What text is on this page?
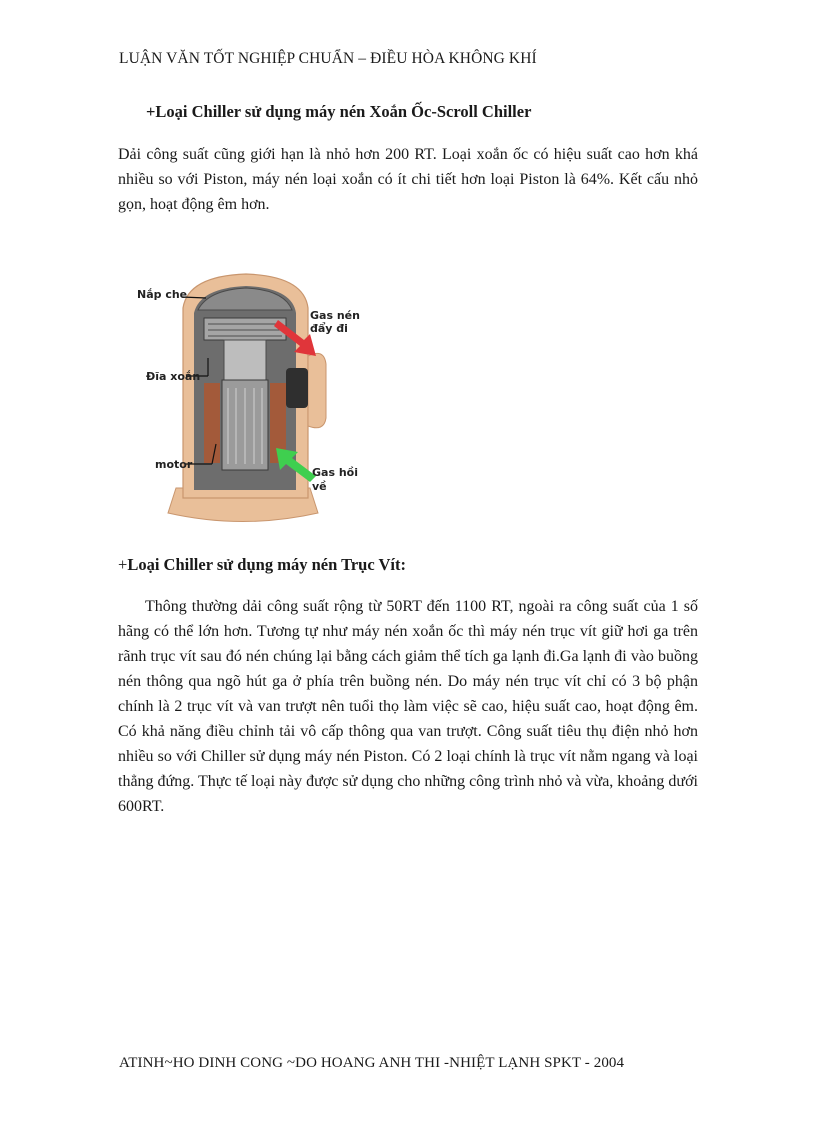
LUẬN VĂN TỐT NGHIỆP CHUẨN – ĐIỀU HÒA KHÔNG KHÍ
+Loại Chiller sử dụng máy nén Xoắn Ốc-Scroll Chiller

Dải công suất cũng giới hạn là nhỏ hơn 200 RT. Loại xoắn ốc có hiệu suất cao hơn khá nhiều so với Piston, máy nén loại xoắn có ít chi tiết hơn loại Piston là 64%. Kết cấu nhỏ gọn, hoạt động êm hơn.

Nắp che
Gas nén
đẩy đi
Đĩa xoắn
motor
Gas hồi
về
+Loại Chiller sử dụng máy nén Trục Vít:

Thông thường dải công suất rộng từ 50RT đến 1100 RT, ngoài ra công suất của 1 số hãng có thể lớn hơn. Tương tự như máy nén xoắn ốc thì máy nén trục vít giữ hơi ga trên rãnh trục vít sau đó nén chúng lại bằng cách giảm thể tích ga lạnh đi.Ga lạnh đi vào buồng nén thông qua ngõ hút ga ở phía trên buồng nén. Do máy nén trục vít chỉ có 3 bộ phận chính là 2 trục vít và van trượt nên tuổi thọ làm việc sẽ cao, hiệu suất cao, hoạt động êm. Có khả năng điều chỉnh tải vô cấp thông qua van trượt. Công suất tiêu thụ điện nhỏ hơn nhiều so với Chiller sử dụng máy nén Piston. Có 2 loại chính là trục vít nằm ngang và loại thẳng đứng. Thực tế loại này được sử dụng cho những công trình nhỏ và vừa, khoảng dưới 600RT.

ATINH~HO DINH CONG ~DO HOANG ANH THI -NHIỆT LẠNH SPKT - 2004
